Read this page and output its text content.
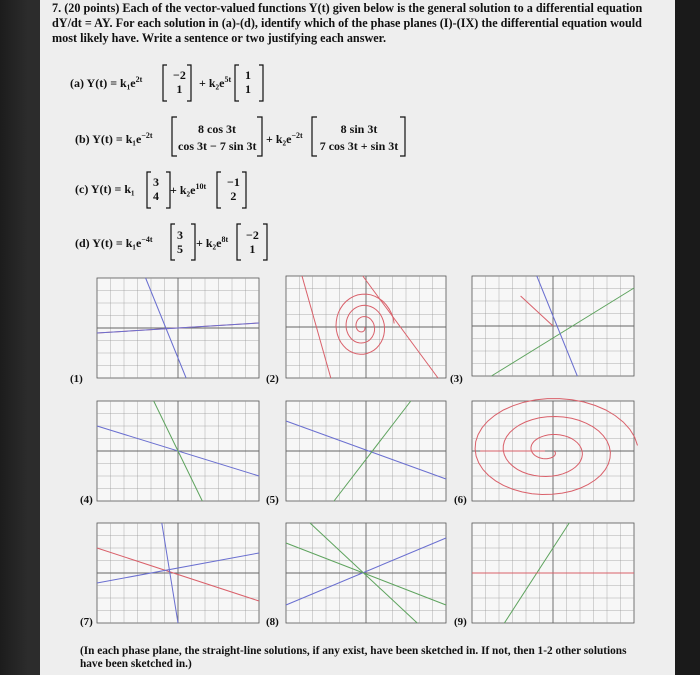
7. (20 points) Each of the vector-valued functions Y(t) given below is the general solution to a differential equation dY/dt = AY. For each solution in (a)-(d), identify which of the phase planes (I)-(IX) the differential equation would most likely have. Write a sentence or two justifying each answer.
(a) $Y(t) = k_1e^{2t}$	−2
$1 + k_2e^{5t}$ 1
1
(b) $Y(t) = k_1e^{-2t}$	8 cos 3t
cos 3t − 7 $\sin 3t + k_2e^{-2t}$	8 sin 3t
7 cos 3t + sin 3t
(c) Y(t) = k₁ 3
$4 + k_2e^{10t} -1$
2
(d) $Y(t) = k_1e^{-4t}$ 3
$5 + k_2e^{8t} -2$
1
(1)	(2)	(3)
(4)	(5)	(6)
(7)	(8)	(9)
(In each phase plane, the straight-line solutions, if any exist, have been sketched in. If not, then 1-2 other solutions have been sketched in.)
